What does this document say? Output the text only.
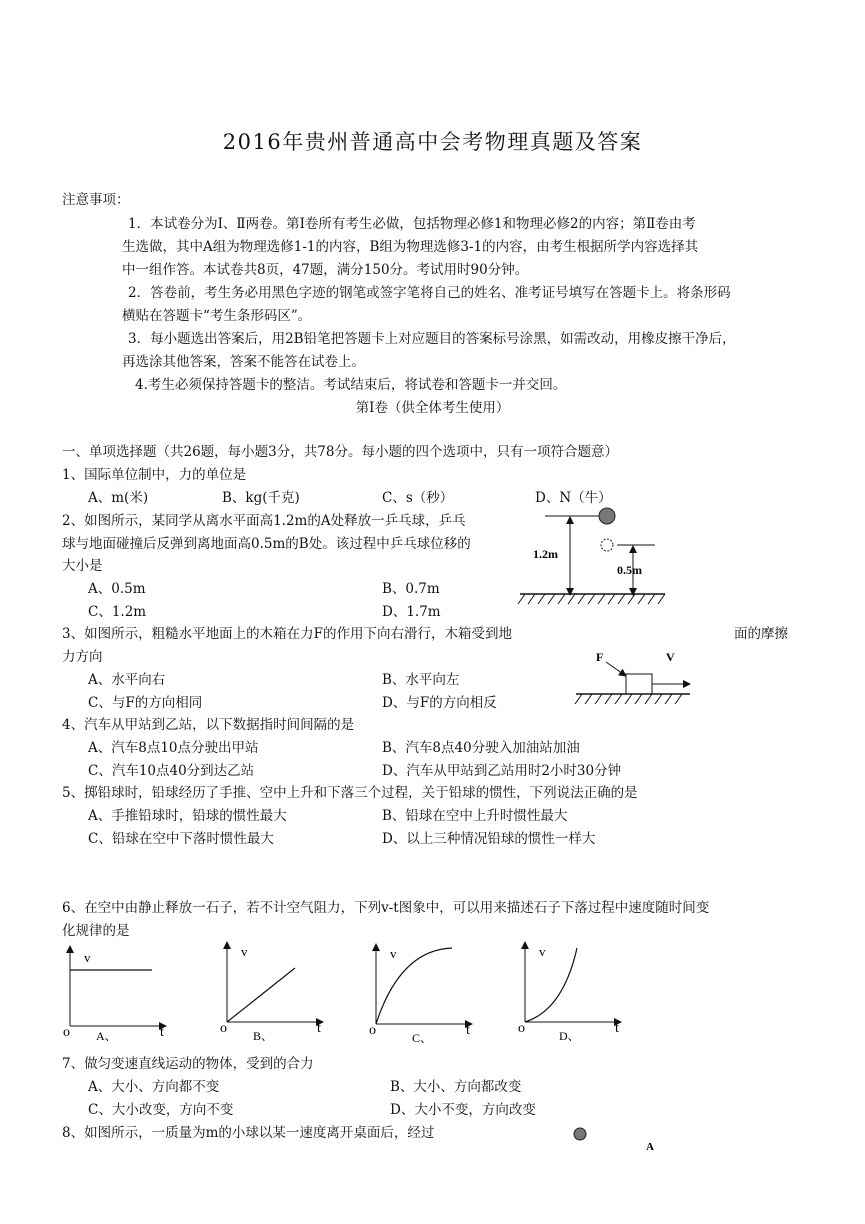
2016年贵州普通高中会考物理真题及答案
注意事项：
1．本试卷分为Ⅰ、Ⅱ两卷。第Ⅰ卷所有考生必做，包括物理必修1和物理必修2的内容；第Ⅱ卷由考
生选做，其中A组为物理选修1-1的内容，B组为物理选修3-1的内容，由考生根据所学内容选择其
中一组作答。本试卷共8页，47题，满分150分。考试用时90分钟。
2．答卷前，考生务必用黑色字迹的钢笔或签字笔将自己的姓名、准考证号填写在答题卡上。将条形码
横贴在答题卡“考生条形码区”。
3．每小题选出答案后，用2B铅笔把答题卡上对应题目的答案标号涂黑，如需改动，用橡皮擦干净后，
再选涂其他答案，答案不能答在试卷上。
4.考生必须保持答题卡的整洁。考试结束后，将试卷和答题卡一并交回。
第Ⅰ卷（供全体考生使用）
一、单项选择题（共26题，每小题3分，共78分。每小题的四个选项中，只有一项符合题意）
1、国际单位制中，力的单位是
A、m(米)	B、kg(千克)	C、s（秒）	D、N（牛）
2、如图所示，某同学从离水平面高1.2m的A处释放一乒乓球，乒乓
球与地面碰撞后反弹到离地面高0.5m的B处。该过程中乒乓球位移的
大小是
A、0.5m	B、0.7m
C、1.2m	D、1.7m
1.2m
0.5m
3、如图所示，粗糙水平地面上的木箱在力F的作用下向右滑行，木箱受到地	面的摩擦
力方向
A、水平向右	B、水平向左
C、与F的方向相同	D、与F的方向相反
F	V
4、汽车从甲站到乙站，以下数据指时间间隔的是
A、汽车8点10点分驶出甲站	B、汽车8点40分驶入加油站加油
C、汽车10点40分到达乙站	D、汽车从甲站到乙站用时2小时30分钟
5、掷铅球时，铅球经历了手推、空中上升和下落三个过程，关于铅球的惯性，下列说法正确的是
A、手推铅球时，铅球的惯性最大	B、铅球在空中上升时惯性最大
C、铅球在空中下落时惯性最大	D、以上三种情况铅球的惯性一样大
6、在空中由静止释放一石子，若不计空气阻力，下列v-t图象中，可以用来描述石子下落过程中速度随时间变
化规律的是
v
t
o A、
v
t
o B、
v
t
o	C、
v
t
o	D、
7、做匀变速直线运动的物体，受到的合力
A、大小、方向都不变	B、大小、方向都改变
C、大小改变，方向不变	D、大小不变，方向改变
8、如图所示，一质量为m的小球以某一速度离开桌面后，经过
A
